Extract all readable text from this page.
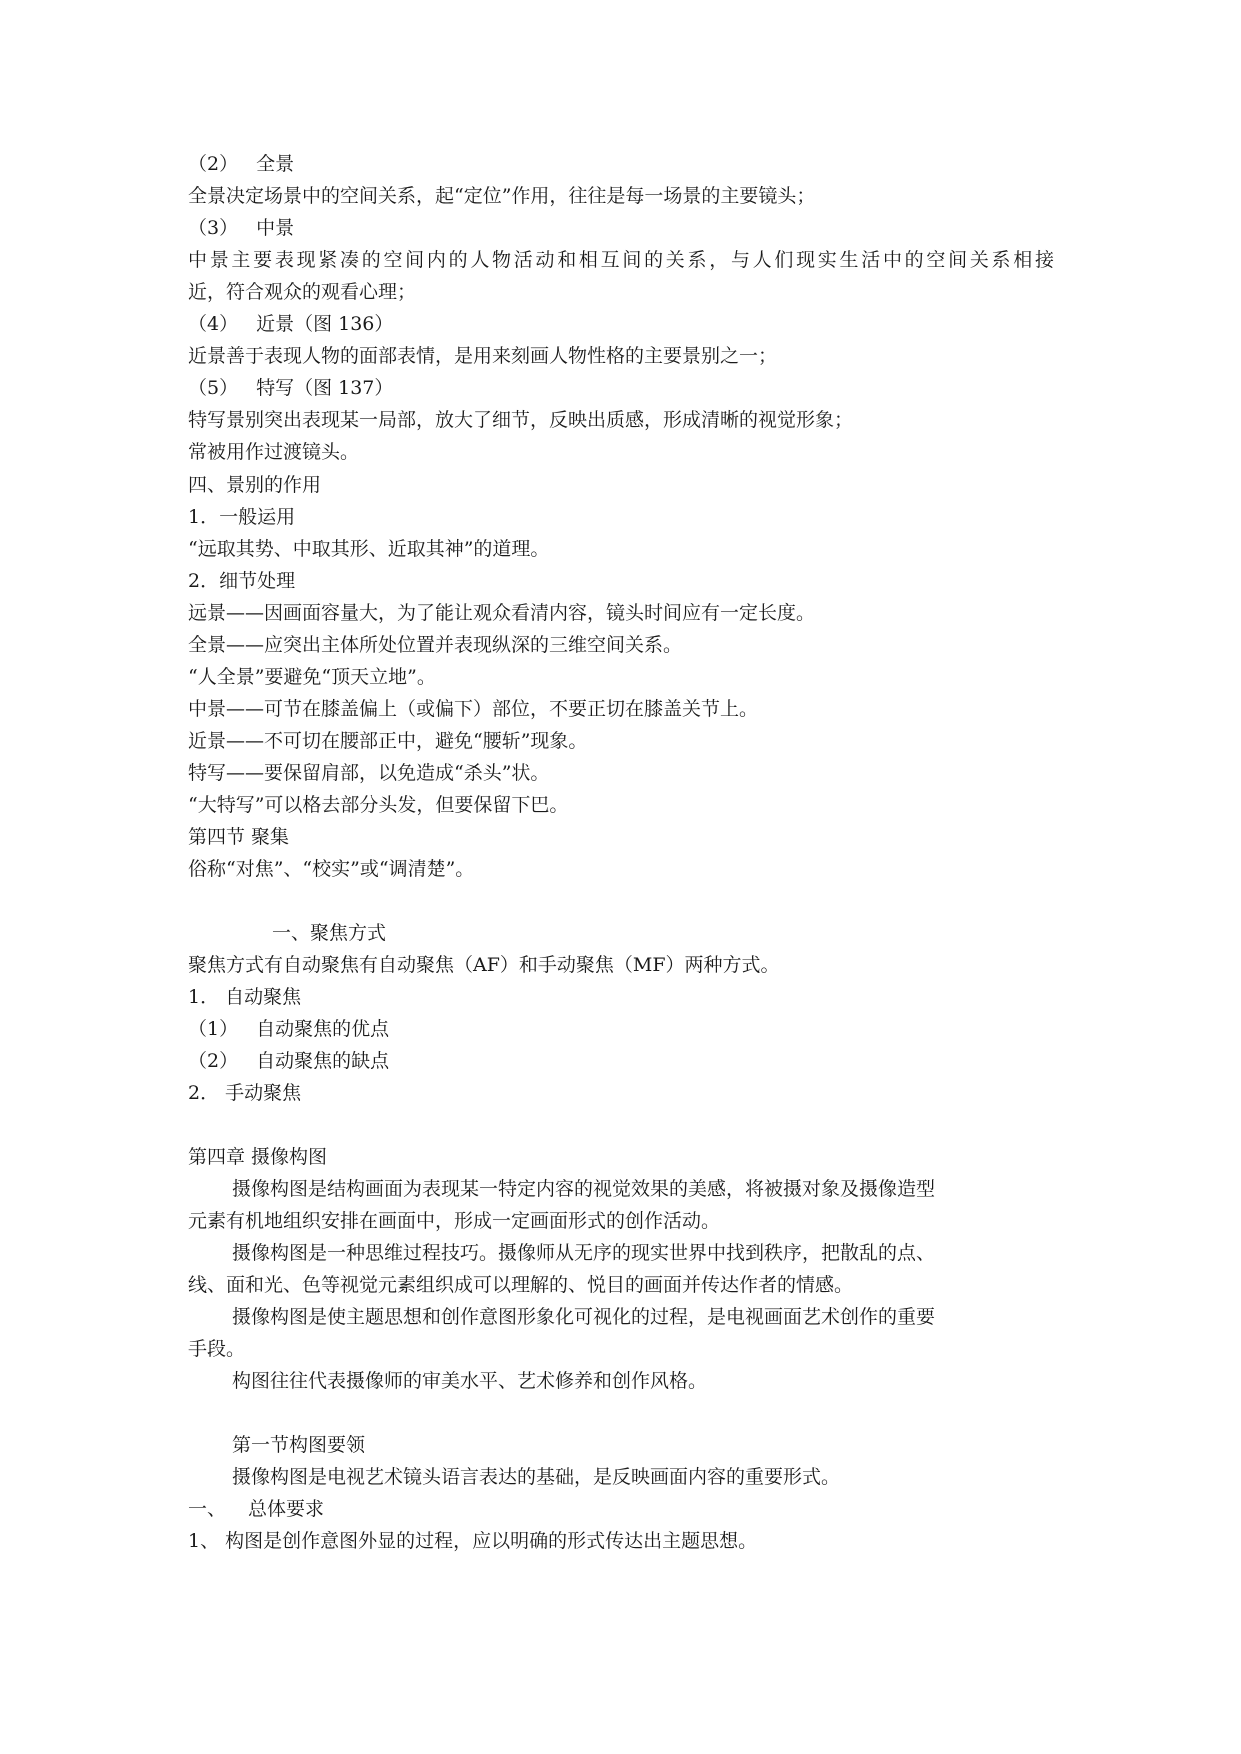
（2） 全景
全景决定场景中的空间关系，起“定位”作用，往往是每一场景的主要镜头；
（3） 中景
中景主要表现紧凑的空间内的人物活动和相互间的关系，与人们现实生活中的空间关系相接
近，符合观众的观看心理；
（4） 近景（图 136）
近景善于表现人物的面部表情，是用来刻画人物性格的主要景别之一；
（5） 特写（图 137）
特写景别突出表现某一局部，放大了细节，反映出质感，形成清晰的视觉形象；
常被用作过渡镜头。
四、景别的作用
1．一般运用
“远取其势、中取其形、近取其神”的道理。
2．细节处理
远景——因画面容量大，为了能让观众看清内容，镜头时间应有一定长度。
全景——应突出主体所处位置并表现纵深的三维空间关系。
“人全景”要避免“顶天立地”。
中景——可节在膝盖偏上（或偏下）部位，不要正切在膝盖关节上。
近景——不可切在腰部正中，避免“腰斩”现象。
特写——要保留肩部，以免造成“杀头”状。
“大特写”可以格去部分头发，但要保留下巴。
第四节 聚集
俗称“对焦”、“校实”或“调清楚”。
一、聚焦方式
聚焦方式有自动聚焦有自动聚焦（AF）和手动聚焦（MF）两种方式。
1． 自动聚焦
（1） 自动聚焦的优点
（2） 自动聚焦的缺点
2． 手动聚焦
第四章 摄像构图
摄像构图是结构画面为表现某一特定内容的视觉效果的美感，将被摄对象及摄像造型
元素有机地组织安排在画面中，形成一定画面形式的创作活动。
摄像构图是一种思维过程技巧。摄像师从无序的现实世界中找到秩序，把散乱的点、
线、面和光、色等视觉元素组织成可以理解的、悦目的画面并传达作者的情感。
摄像构图是使主题思想和创作意图形象化可视化的过程，是电视画面艺术创作的重要
手段。
构图往往代表摄像师的审美水平、艺术修养和创作风格。
第一节构图要领
摄像构图是电视艺术镜头语言表达的基础，是反映画面内容的重要形式。
一、 总体要求
1、 构图是创作意图外显的过程，应以明确的形式传达出主题思想。
